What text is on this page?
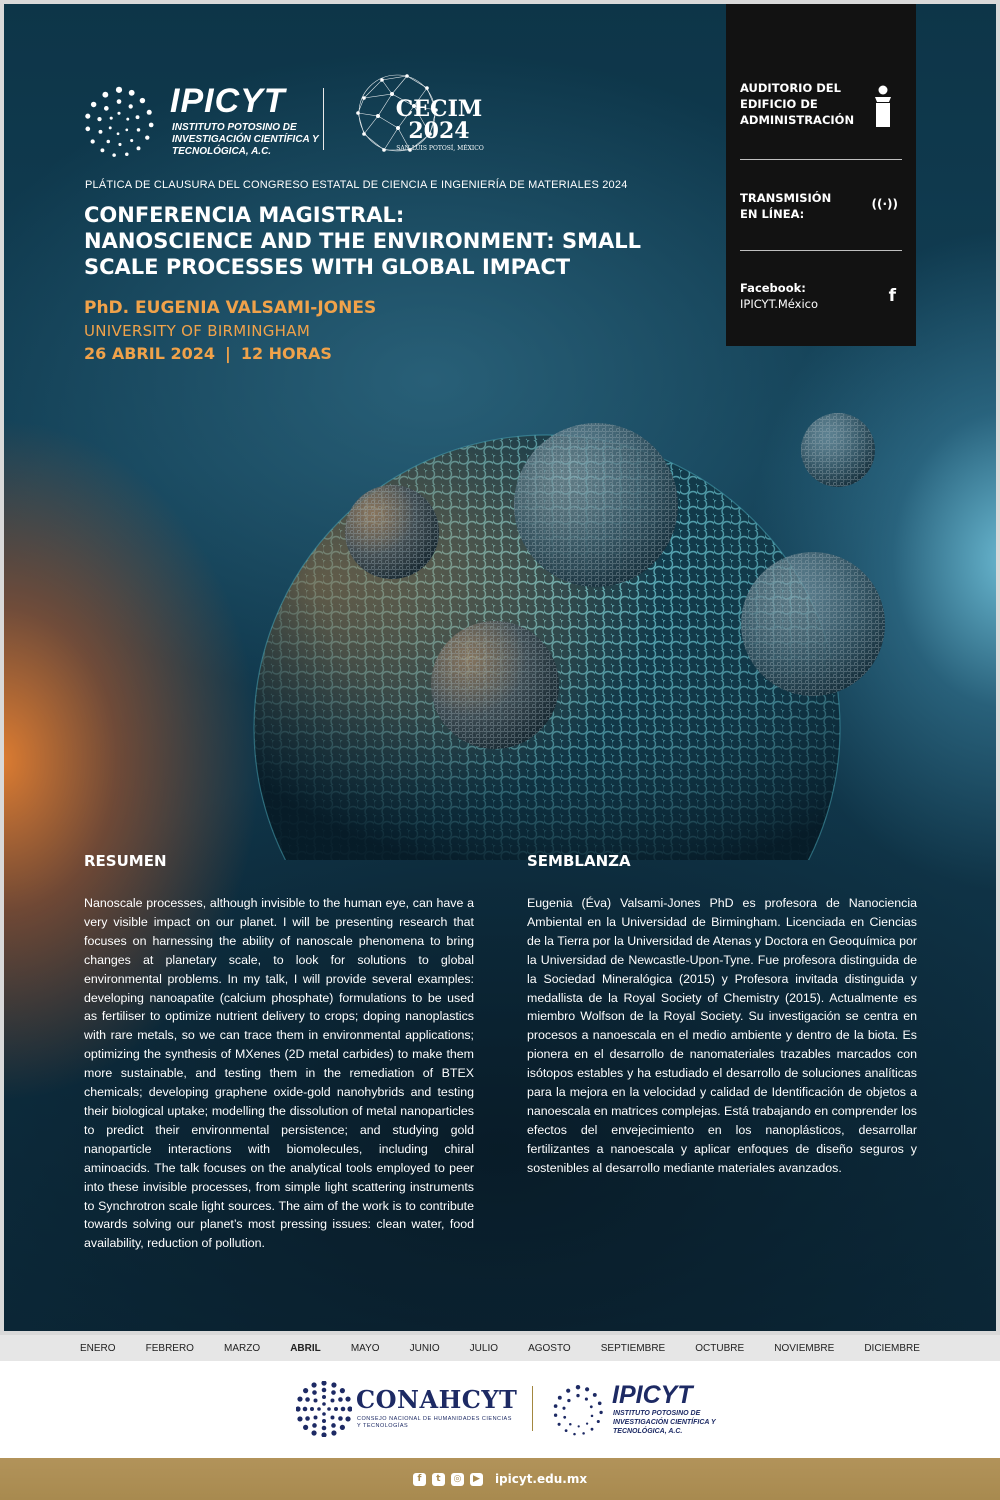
IPICYT
INSTITUTO POTOSINO DE INVESTIGACIÓN CIENTÍFICA Y TECNOLÓGICA, A.C.
CECIM
2024
SAN LUIS POTOSÍ, MÉXICO
PLÁTICA DE CLAUSURA DEL CONGRESO ESTATAL DE CIENCIA E INGENIERÍA DE MATERIALES 2024
CONFERENCIA MAGISTRAL:
NANOSCIENCE AND THE ENVIRONMENT: SMALL
SCALE PROCESSES WITH GLOBAL IMPACT
PhD. EUGENIA VALSAMI-JONES
UNIVERSITY OF BIRMINGHAM
26 ABRIL 2024 | 12 HORAS
AUDITORIO DEL EDIFICIO DE ADMINISTRACIÓN
TRANSMISIÓN EN LÍNEA:
((·))
Facebook:
IPICYT.México	f
RESUMEN
Nanoscale processes, although invisible to the human eye, can have a very visible impact on our planet. I will be presenting research that focuses on harnessing the ability of nanoscale phenomena to bring changes at planetary scale, to look for solutions to global environmental problems. In my talk, I will provide several examples: developing nanoapatite (calcium phosphate) formulations to be used as fertiliser to optimize nutrient delivery to crops; doping nanoplastics with rare metals, so we can trace them in environmental applications; optimizing the synthesis of MXenes (2D metal carbides) to make them more sustainable, and testing them in the remediation of BTEX chemicals; developing graphene oxide-gold nanohybrids and testing their biological uptake; modelling the dissolution of metal nanoparticles to predict their environmental persistence; and studying gold nanoparticle interactions with biomolecules, including chiral aminoacids. The talk focuses on the analytical tools employed to peer into these invisible processes, from simple light scattering instruments to Synchrotron scale light sources. The aim of the work is to contribute towards solving our planet’s most pressing issues: clean water, food availability, reduction of pollution.
SEMBLANZA
Eugenia (Éva) Valsami-Jones PhD es profesora de Nanociencia Ambiental en la Universidad de Birmingham. Licenciada en Ciencias de la Tierra por la Universidad de Atenas y Doctora en Geoquímica por la Universidad de Newcastle-Upon-Tyne. Fue profesora distinguida de la Sociedad Mineralógica (2015) y Profesora invitada distinguida y medallista de la Royal Society of Chemistry (2015). Actualmente es miembro Wolfson de la Royal Society. Su investigación se centra en procesos a nanoescala en el medio ambiente y dentro de la biota. Es pionera en el desarrollo de nanomateriales trazables marcados con isótopos estables y ha estudiado el desarrollo de soluciones analíticas para la mejora en la velocidad y calidad de Identificación de objetos a nanoescala en matrices complejas. Está trabajando en comprender los efectos del envejecimiento en los nanoplásticos, desarrollar fertilizantes a nanoescala y aplicar enfoques de diseño seguros y sostenibles al desarrollo mediante materiales avanzados.
ENERO	FEBRERO	MARZO	ABRIL	MAYO	JUNIO	JULIO	AGOSTO	SEPTIEMBRE	OCTUBRE	NOVIEMBRE	DICIEMBRE
CONAHCYT
CONSEJO NACIONAL DE HUMANIDADES CIENCIAS Y TECNOLOGÍAS
IPICYT
INSTITUTO POTOSINO DE INVESTIGACIÓN CIENTÍFICA Y TECNOLÓGICA, A.C.
f	t	◎	▶ ipicyt.edu.mx
